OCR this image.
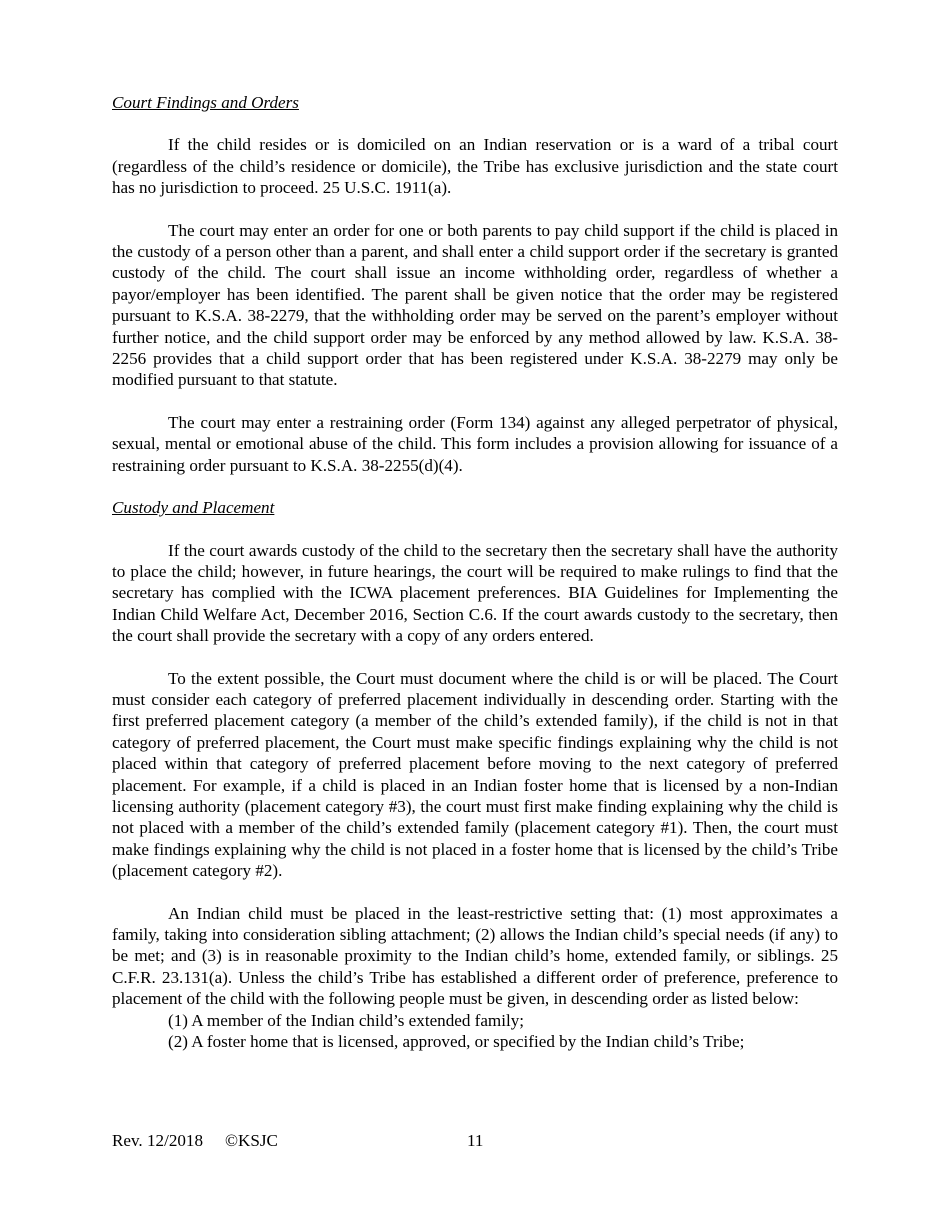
Court Findings and Orders

If the child resides or is domiciled on an Indian reservation or is a ward of a tribal court (regardless of the child’s residence or domicile), the Tribe has exclusive jurisdiction and the state court has no jurisdiction to proceed. 25 U.S.C. 1911(a).

The court may enter an order for one or both parents to pay child support if the child is placed in the custody of a person other than a parent, and shall enter a child support order if the secretary is granted custody of the child. The court shall issue an income withholding order, regardless of whether a payor/employer has been identified. The parent shall be given notice that the order may be registered pursuant to K.S.A. 38-2279, that the withholding order may be served on the parent’s employer without further notice, and the child support order may be enforced by any method allowed by law. K.S.A. 38-2256 provides that a child support order that has been registered under K.S.A. 38-2279 may only be modified pursuant to that statute.

The court may enter a restraining order (Form 134) against any alleged perpetrator of physical, sexual, mental or emotional abuse of the child. This form includes a provision allowing for issuance of a restraining order pursuant to K.S.A. 38-2255(d)(4).

Custody and Placement

If the court awards custody of the child to the secretary then the secretary shall have the authority to place the child; however, in future hearings, the court will be required to make rulings to find that the secretary has complied with the ICWA placement preferences. BIA Guidelines for Implementing the Indian Child Welfare Act, December 2016, Section C.6. If the court awards custody to the secretary, then the court shall provide the secretary with a copy of any orders entered.

To the extent possible, the Court must document where the child is or will be placed. The Court must consider each category of preferred placement individually in descending order. Starting with the first preferred placement category (a member of the child’s extended family), if the child is not in that category of preferred placement, the Court must make specific findings explaining why the child is not placed within that category of preferred placement before moving to the next category of preferred placement. For example, if a child is placed in an Indian foster home that is licensed by a non-Indian licensing authority (placement category #3), the court must first make finding explaining why the child is not placed with a member of the child’s extended family (placement category #1). Then, the court must make findings explaining why the child is not placed in a foster home that is licensed by the child’s Tribe (placement category #2).

An Indian child must be placed in the least-restrictive setting that: (1) most approximates a family, taking into consideration sibling attachment; (2) allows the Indian child’s special needs (if any) to be met; and (3) is in reasonable proximity to the Indian child’s home, extended family, or siblings. 25 C.F.R. 23.131(a). Unless the child’s Tribe has established a different order of preference, preference to placement of the child with the following people must be given, in descending order as listed below:

(1) A member of the Indian child’s extended family;
(2) A foster home that is licensed, approved, or specified by the Indian child’s Tribe;
Rev. 12/2018 ©KSJC	11
